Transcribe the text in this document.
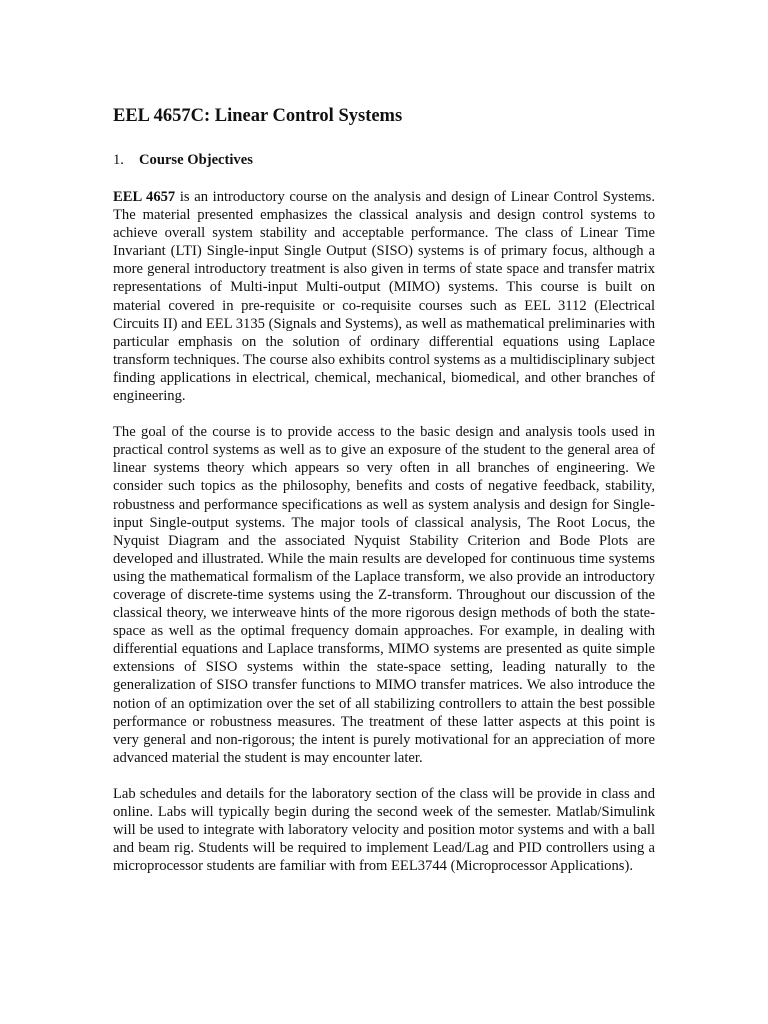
EEL 4657C: Linear Control Systems
1.	Course Objectives

EEL 4657 is an introductory course on the analysis and design of Linear Control Systems. The material presented emphasizes the classical analysis and design control systems to achieve overall system stability and acceptable performance. The class of Linear Time Invariant (LTI) Single-input Single Output (SISO) systems is of primary focus, although a more general introductory treatment is also given in terms of state space and transfer matrix representations of Multi-input Multi-output (MIMO) systems. This course is built on material covered in pre-requisite or co-requisite courses such as EEL 3112 (Electrical Circuits II) and EEL 3135 (Signals and Systems), as well as mathematical preliminaries with particular emphasis on the solution of ordinary differential equations using Laplace transform techniques. The course also exhibits control systems as a multidisciplinary subject finding applications in electrical, chemical, mechanical, biomedical, and other branches of engineering.

The goal of the course is to provide access to the basic design and analysis tools used in practical control systems as well as to give an exposure of the student to the general area of linear systems theory which appears so very often in all branches of engineering. We consider such topics as the philosophy, benefits and costs of negative feedback, stability, robustness and performance specifications as well as system analysis and design for Single-input Single-output systems. The major tools of classical analysis, The Root Locus, the Nyquist Diagram and the associated Nyquist Stability Criterion and Bode Plots are developed and illustrated. While the main results are developed for continuous time systems using the mathematical formalism of the Laplace transform, we also provide an introductory coverage of discrete-time systems using the Z-transform. Throughout our discussion of the classical theory, we interweave hints of the more rigorous design methods of both the state-space as well as the optimal frequency domain approaches. For example, in dealing with differential equations and Laplace transforms, MIMO systems are presented as quite simple extensions of SISO systems within the state-space setting, leading naturally to the generalization of SISO transfer functions to MIMO transfer matrices. We also introduce the notion of an optimization over the set of all stabilizing controllers to attain the best possible performance or robustness measures. The treatment of these latter aspects at this point is very general and non-rigorous; the intent is purely motivational for an appreciation of more advanced material the student is may encounter later.

Lab schedules and details for the laboratory section of the class will be provide in class and online. Labs will typically begin during the second week of the semester. Matlab/Simulink will be used to integrate with laboratory velocity and position motor systems and with a ball and beam rig. Students will be required to implement Lead/Lag and PID controllers using a microprocessor students are familiar with from EEL3744 (Microprocessor Applications).
